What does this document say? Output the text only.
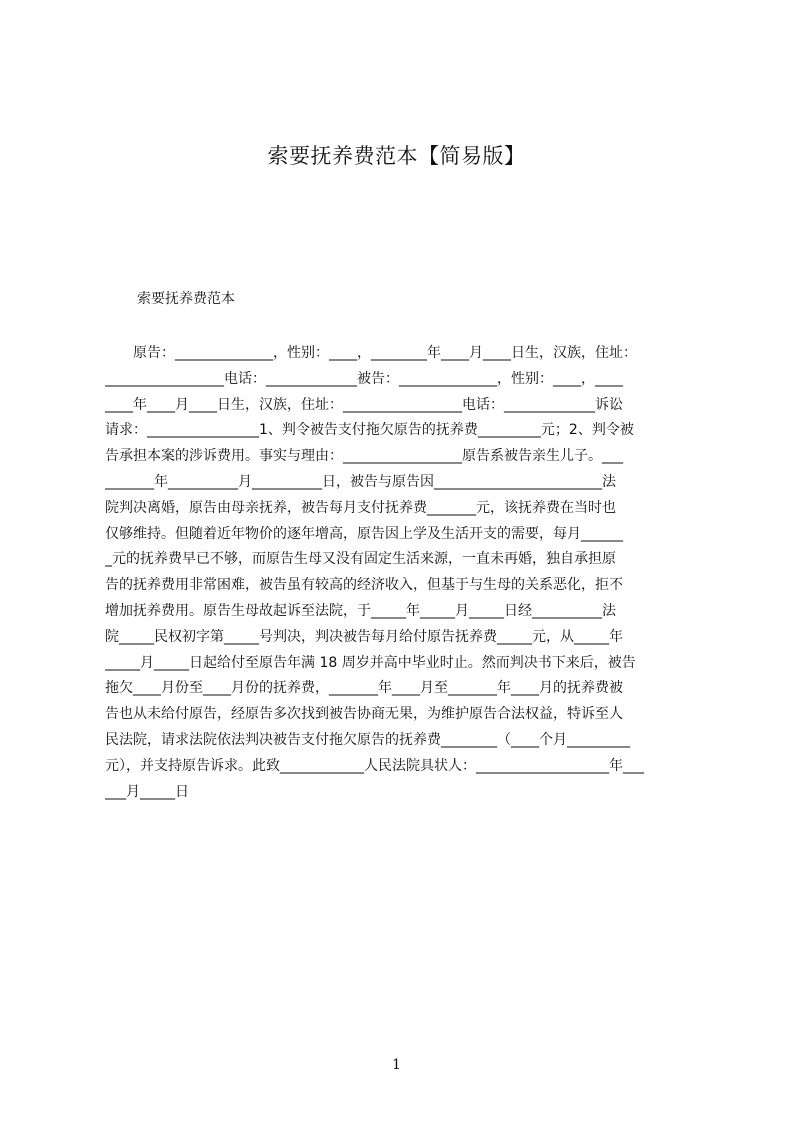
索要抚养费范本【简易版】
索要抚养费范本
　　原告：______________，性别：____，________年____月____日生，汉族，住址：
_________________电话：_____________被告：______________，性别：____，____
____年____月____日生，汉族，住址：_________________电话：_____________诉讼
请求：________________1、判令被告支付拖欠原告的抚养费_________元；2、判令被
告承担本案的涉诉费用。事实与理由：_________________原告系被告亲生儿子。___
_______年__________月__________日，被告与原告因________________________法
院判决离婚，原告由母亲抚养，被告每月支付抚养费_______元，该抚养费在当时也
仅够维持。但随着近年物价的逐年增高，原告因上学及生活开支的需要，每月______
_元的抚养费早已不够，而原告生母又没有固定生活来源，一直未再婚，独自承担原
告的抚养费用非常困难，被告虽有较高的经济收入，但基于与生母的关系恶化，拒不
增加抚养费用。原告生母故起诉至法院，于_____年_____月_____日经__________法
院_____民权初字第_____号判决，判决被告每月给付原告抚养费_____元，从_____年
_____月_____日起给付至原告年满 18 周岁并高中毕业时止。然而判决书下来后，被告
拖欠____月份至____月份的抚养费，_______年____月至_______年____月的抚养费被
告也从未给付原告，经原告多次找到被告协商无果，为维护原告合法权益，特诉至人
民法院，请求法院依法判决被告支付拖欠原告的抚养费________（____个月_________
元），并支持原告诉求。此致____________人民法院具状人：___________________年___
___月_____日
1
